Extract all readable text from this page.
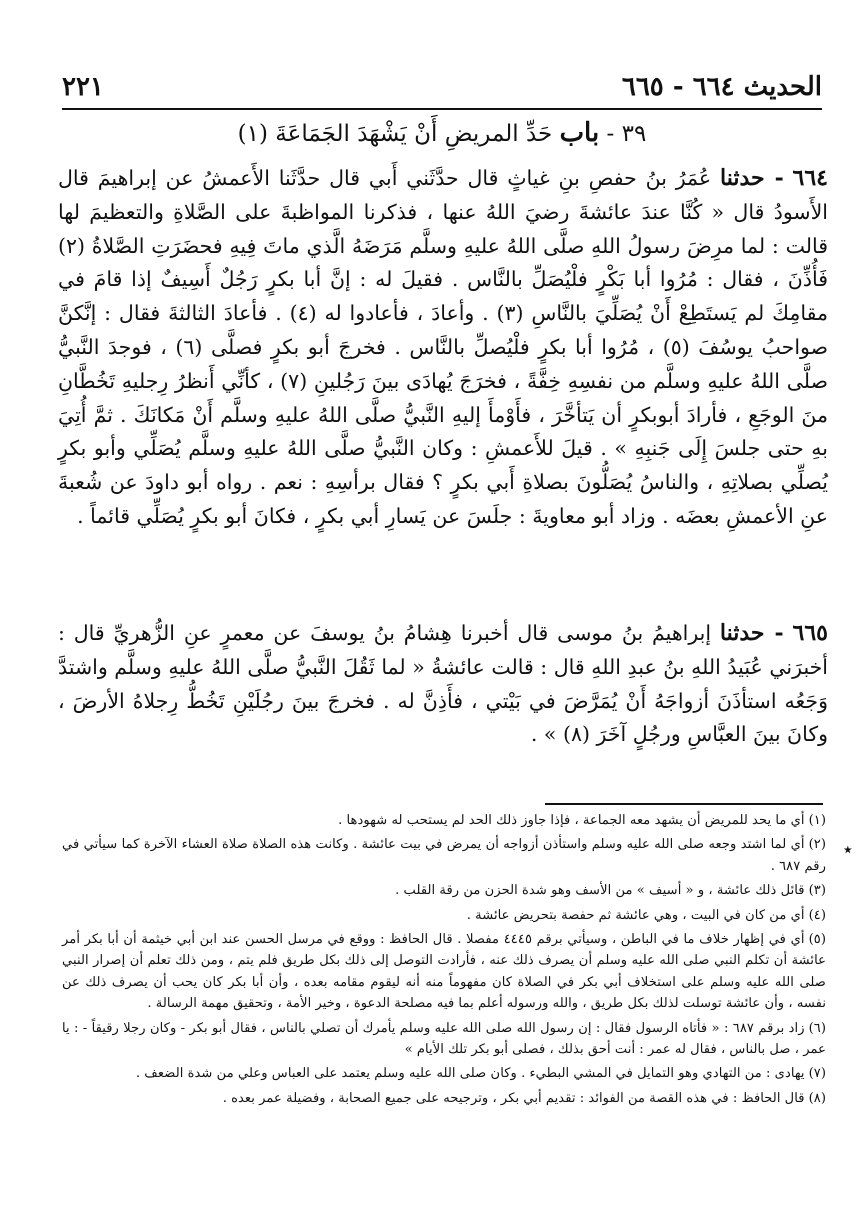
الحديث ٦٦٤ - ٦٦٥
٢٢١
٣٩ - باب حَدِّ المريضِ أَنْ يَشْهَدَ الجَمَاعَةَ (١)
٦٦٤ - حدثنا عُمَرُ بنُ حفصِ بنِ غياثٍ قال حدَّثَني أَبي قال حدَّثَنا الأَعمشُ عن إبراهيمَ قال الأَسودُ قال « كُنَّا عندَ عائشةَ رضيَ اللهُ عنها ، فذكرنا المواظبةَ على الصَّلاةِ والتعظيمَ لها قالت : لما مرِضَ رسولُ اللهِ صلَّى اللهُ عليهِ وسلَّم مَرَضَهُ الَّذي ماتَ فِيهِ فحضَرَتِ الصَّلاةُ (٢) فَأُذِّنَ ، فقال : مُرُوا أبا بَكْرٍ فلْيُصَلِّ بالنَّاس . فقيلَ له : إنَّ أبا بكرٍ رَجُلٌ أَسِيفٌ إذا قامَ في مقامِكَ لم يَستَطِعْ أَنْ يُصَلِّيَ بالنَّاسِ (٣) . وأعادَ ، فأعادوا له (٤) . فأعادَ الثالثةَ فقال : إنَّكنَّ صواحبُ يوسُفَ (٥) ، مُرُوا أبا بكرٍ فلْيُصلِّ بالنَّاس . فخرجَ أبو بكرٍ فصلَّى (٦) ، فوجدَ النَّبيُّ صلَّى اللهُ عليهِ وسلَّم من نفسِهِ خِفَّةً ، فخرَجَ يُهادَى بينَ رَجُلينِ (٧) ، كأنِّي أَنظرُ رِجليهِ تَخُطَّانِ منَ الوجَعِ ، فأرادَ أبوبكرٍ أن يَتأخَّرَ ، فأَوْمأَ إليهِ النَّبيُّ صلَّى اللهُ عليهِ وسلَّم أَنْ مَكانَكَ . ثمَّ أُتِيَ بهِ حتى جلسَ إِلَى جَنبِهِ » . قيلَ للأَعمشِ : وكان النَّبيُّ صلَّى اللهُ عليهِ وسلَّم يُصَلِّي وأبو بكرٍ يُصلِّي بصلاتِهِ ، والناسُ يُصَلُّونَ بصلاةِ أَبي بكرٍ ؟ فقال برأسِهِ : نعم . رواه أبو داودَ عن شُعبةَ عنِ الأعمشِ بعضَه . وزاد أبو معاويةَ : جلَسَ عن يَسارِ أبي بكرٍ ، فكانَ أبو بكرٍ يُصَلِّي قائماً .
٦٦٥ - حدثنا إبراهيمُ بنُ موسى قال أخبرنا هِشامُ بنُ يوسفَ عن معمرٍ عنِ الزُّهريِّ قال : أخبرَني عُبَيدُ اللهِ بنُ عبدِ اللهِ قال : قالت عائشةُ « لما ثَقُلَ النَّبيُّ صلَّى اللهُ عليهِ وسلَّم واشتدَّ وَجَعُه استأذَنَ أزواجَهُ أَنْ يُمَرَّضَ في بَيْتي ، فأَذِنَّ له . فخرجَ بينَ رجُلَيْنِ تَخُطُّ رِجلاهُ الأرضَ ، وكانَ بينَ العبَّاسِ ورجُلٍ آخَرَ (٨) » .

(١)أي ما يحد للمريض أن يشهد معه الجماعة ، فإذا جاوز ذلك الحد لم يستحب له شهودها .

(٢)أي لما اشتد وجعه صلى الله عليه وسلم واستأذن أزواجه أن يمرض في بيت عائشة . وكانت هذه الصلاة صلاة العشاء الآخرة كما سيأتي في رقم ٦٨٧ .

(٣)قائل ذلك عائشة ، و « أسيف » من الأسف وهو شدة الحزن من رقة القلب .

(٤)أي من كان في البيت ، وهي عائشة ثم حفصة بتحريض عائشة .

(٥)أي في إظهار خلاف ما في الباطن ، وسيأتي برقم ٤٤٤٥ مفصلا . قال الحافظ : ووقع في مرسل الحسن عند ابن أبي خيثمة أن أبا بكر أمر عائشة أن تكلم النبي صلى الله عليه وسلم أن يصرف ذلك عنه ، فأرادت التوصل إلى ذلك بكل طريق فلم يتم ، ومن ذلك تعلم أن إصرار النبي صلى الله عليه وسلم على استخلاف أبي بكر في الصلاة كان مفهوماً منه أنه ليقوم مقامه بعده ، وأن أبا بكر كان يحب أن يصرف ذلك عن نفسه ، وأن عائشة توسلت لذلك بكل طريق ، والله ورسوله أعلم بما فيه مصلحة الدعوة ، وخير الأمة ، وتحقيق مهمة الرسالة .

(٦)زاد برقم ٦٨٧ : « فأتاه الرسول فقال : إن رسول الله صلى الله عليه وسلم يأمرك أن تصلي بالناس ، فقال أبو بكر - وكان رجلا رقيقاً - : يا عمر ، صل بالناس ، فقال له عمر : أنت أحق بذلك ، فصلى أبو بكر تلك الأيام »

(٧)يهادى : من التهادي وهو التمايل في المشي البطيء . وكان صلى الله عليه وسلم يعتمد على العباس وعلي من شدة الضعف .

(٨)قال الحافظ : في هذه القصة من الفوائد : تقديم أبي بكر ، وترجيحه على جميع الصحابة ، وفضيلة عمر بعده .

٭
